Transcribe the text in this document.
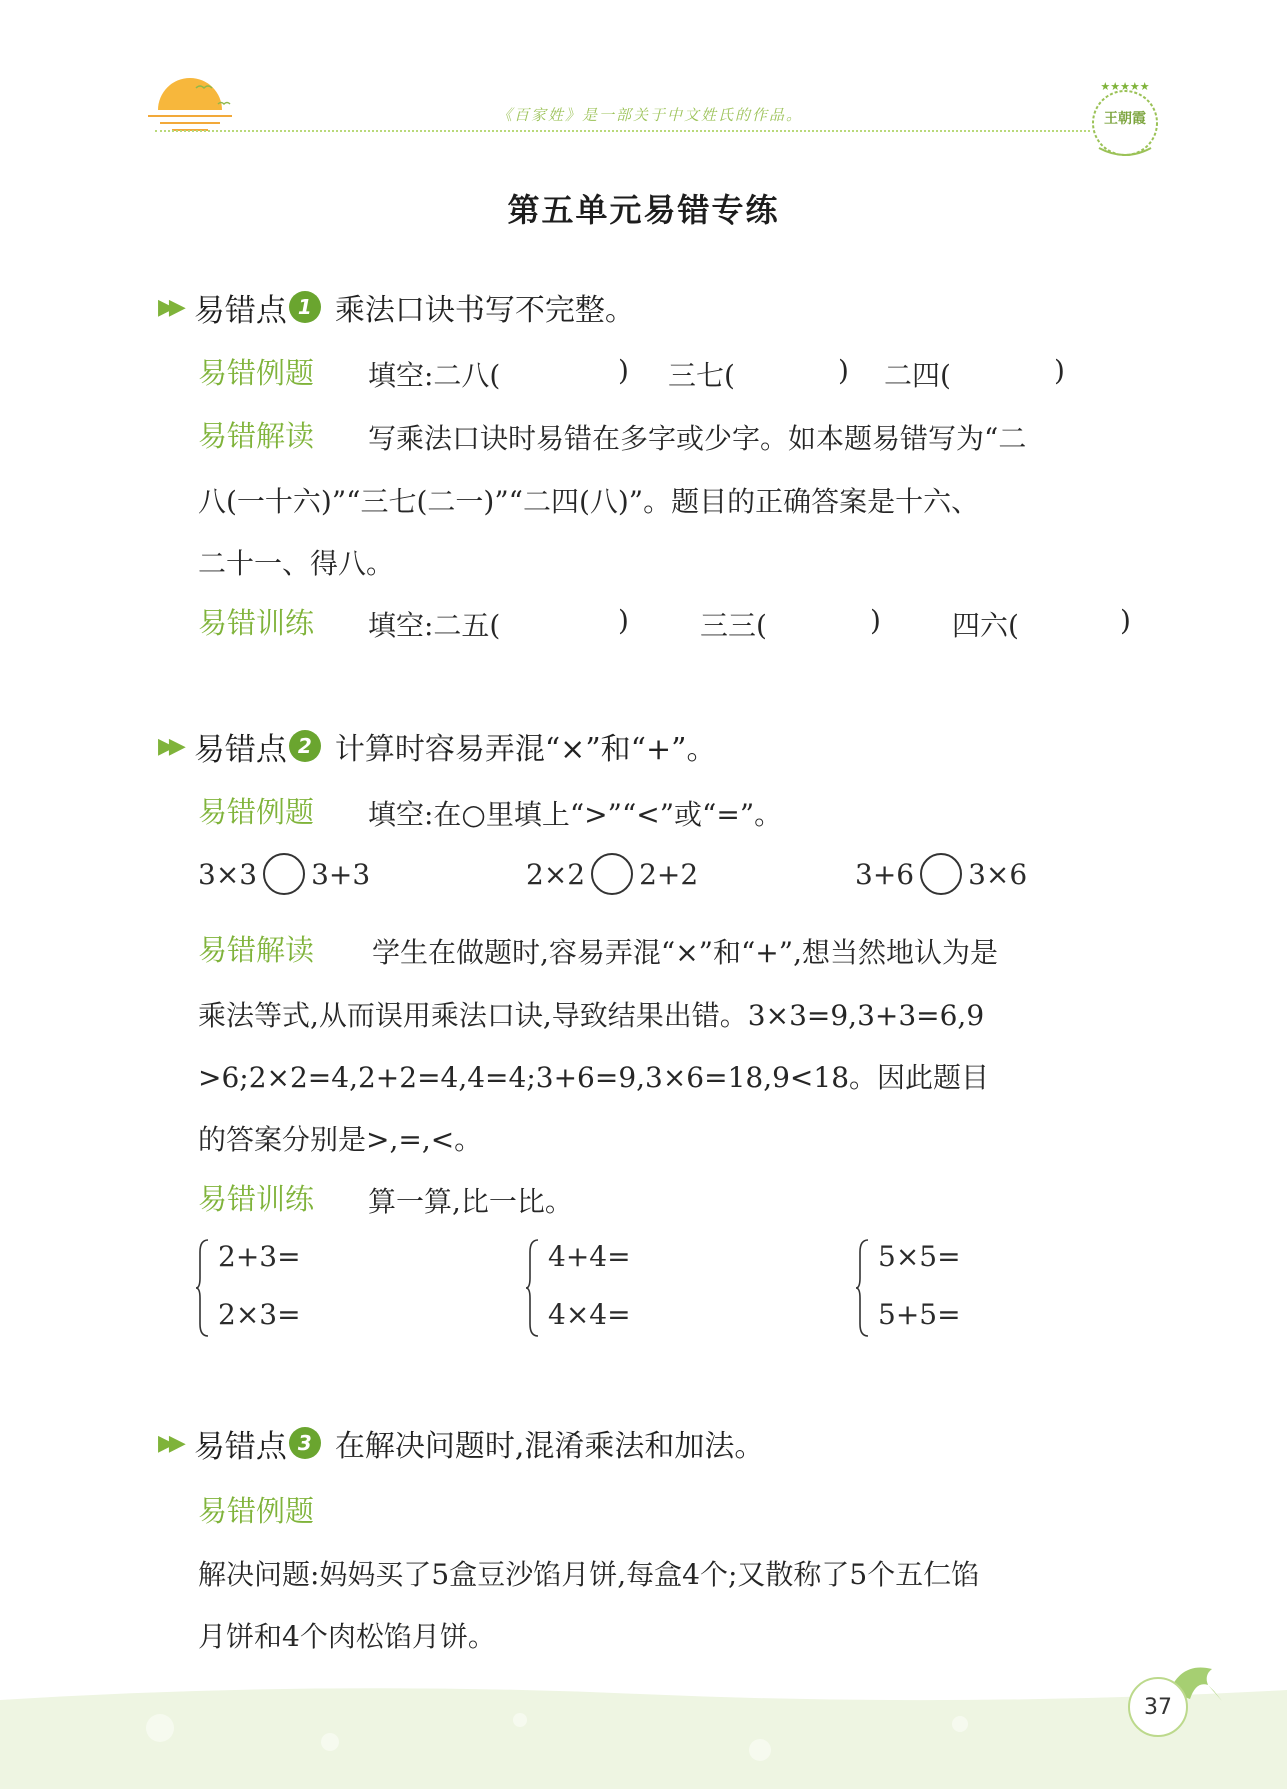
《百家姓》是一部关于中文姓氏的作品。
★★★★★
王朝霞
第五单元易错专练
▶▶ 易错点 1 乘法口诀书写不完整。
易错例题 填空:二八(	) 三七(	) 二四(	)
易错解读 写乘法口诀时易错在多字或少字。如本题易错写为“二
八(一十六)”“三七(二一)”“二四(八)”。题目的正确答案是十六、
二十一、得八。
易错训练 填空:二五(	)	三三(	)	四六(	)
▶▶ 易错点 2 计算时容易弄混“×”和“+”。
易错例题 填空:在○里填上“>”“<”或“=”。
3×3 3+3	2×2 2+2	3+6 3×6
易错解读 学生在做题时,容易弄混“×”和“+”,想当然地认为是
乘法等式,从而误用乘法口诀,导致结果出错。3×3=9,3+3=6,9
>6;2×2=4,2+2=4,4=4;3+6=9,3×6=18,9<18。因此题目
的答案分别是>,=,<。
易错训练 算一算,比一比。
2+3=
2×3=
4+4=
4×4=
5×5=
5+5=
▶▶ 易错点 3 在解决问题时,混淆乘法和加法。
易错例题
解决问题:妈妈买了5盒豆沙馅月饼,每盒4个;又散称了5个五仁馅
月饼和4个肉松馅月饼。
37
